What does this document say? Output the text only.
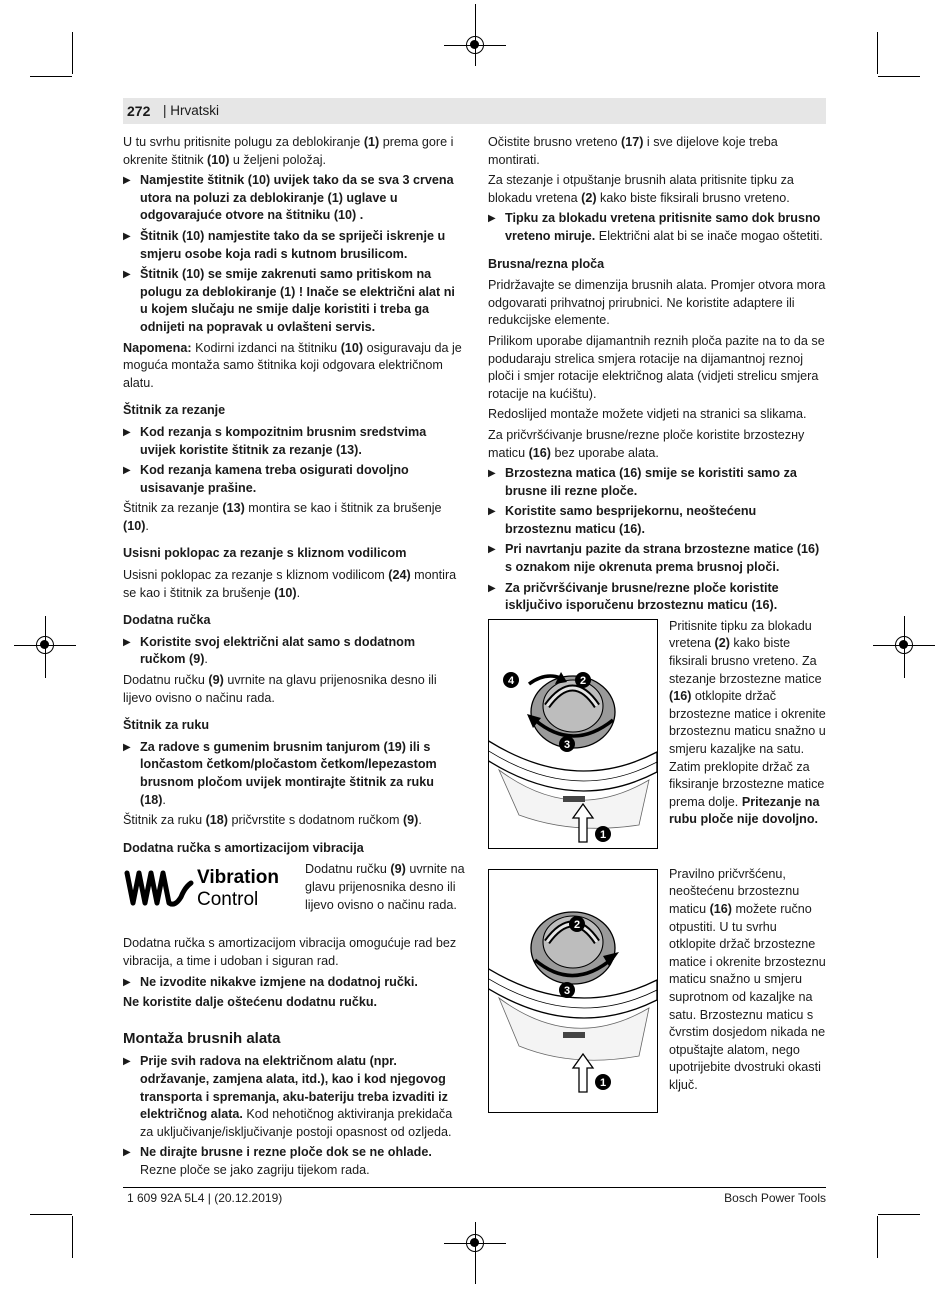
272 | Hrvatski

U tu svrhu pritisnite polugu za deblokiranje (1) prema gore i okrenite štitnik (10) u željeni položaj.

▶ Namjestite štitnik (10) uvijek tako da se sva 3 crvena utora na poluzi za deblokiranje (1) uglave u odgovarajuće otvore na štitniku (10) .
▶ Štitnik (10) namjestite tako da se spriječi iskrenje u smjeru osobe koja radi s kutnom brusilicom.
▶ Štitnik (10) se smije zakrenuti samo pritiskom na polugu za deblokiranje (1) ! Inače se električni alat ni u kojem slučaju ne smije dalje koristiti i treba ga odnijeti na popravak u ovlašteni servis.

Napomena: Kodirni izdanci na štitniku (10) osiguravaju da je moguća montaža samo štitnika koji odgovara električnom alatu.

Štitnik za rezanje
▶ Kod rezanja s kompozitnim brusnim sredstvima uvijek koristite štitnik za rezanje (13).
▶ Kod rezanja kamena treba osigurati dovoljno usisavanje prašine.

Štitnik za rezanje (13) montira se kao i štitnik za brušenje (10).

Usisni poklopac za rezanje s kliznom vodilicom

Usisni poklopac za rezanje s kliznom vodilicom (24) montira se kao i štitnik za brušenje (10).

Dodatna ručka
▶ Koristite svoj električni alat samo s dodatnom ručkom (9).

Dodatnu ručku (9) uvrnite na glavu prijenosnika desno ili lijevo ovisno o načinu rada.

Štitnik za ruku
▶ Za radove s gumenim brusnim tanjurom (19) ili s lončastom četkom/pločastom četkom/lepezastom brusnom pločom uvijek montirajte štitnik za ruku (18).

Štitnik za ruku (18) pričvrstite s dodatnom ručkom (9).

Dodatna ručka s amortizacijom vibracija
Vibration
Control
Dodatnu ručku (9) uvrnite na glavu prijenosnika desno ili lijevo ovisno o načinu rada.

Dodatna ručka s amortizacijom vibracija omogućuje rad bez vibracija, a time i udoban i siguran rad.

▶ Ne izvodite nikakve izmjene na dodatnoj ručki.

Ne koristite dalje oštećenu dodatnu ručku.

Montaža brusnih alata
▶ Prije svih radova na električnom alatu (npr. održavanje, zamjena alata, itd.), kao i kod njegovog transporta i spremanja, aku-bateriju treba izvaditi iz električnog alata. Kod nehotičnog aktiviranja prekidača za uključivanje/isključivanje postoji opasnost od ozljeda.
▶ Ne dirajte brusne i rezne ploče dok se ne ohlade. Rezne ploče se jako zagriju tijekom rada.

Očistite brusno vreteno (17) i sve dijelove koje treba montirati.

Za stezanje i otpuštanje brusnih alata pritisnite tipku za blokadu vretena (2) kako biste fiksirali brusno vreteno.

▶ Tipku za blokadu vretena pritisnite samo dok brusno vreteno miruje. Električni alat bi se inače mogao oštetiti.
Brusna/rezna ploča

Pridržavajte se dimenzija brusnih alata. Promjer otvora mora odgovarati prihvatnoj prirubnici. Ne koristite adaptere ili redukcijske elemente.

Prilikom uporabe dijamantnih reznih ploča pazite na to da se podudaraju strelica smjera rotacije na dijamantnoj reznoj ploči i smjer rotacije električnog alata (vidjeti strelicu smjera rotacije na kućištu).

Redoslijed montaže možete vidjeti na stranici sa slikama.

Za pričvršćivanje brusne/rezne ploče koristite brzostezну maticu (16) bez uporabe alata.

▶ Brzostezna matica (16) smije se koristiti samo za brusne ili rezne ploče.
▶ Koristite samo besprijekornu, neoštećenu brzosteznu maticu (16).
▶ Pri navrtanju pazite da strana brzostezne matice (16) s oznakom nije okrenuta prema brusnoj ploči.
▶ Za pričvršćivanje brusne/rezne ploče koristite isključivo isporučenu brzosteznu maticu (16).
4	2
3
1
Pritisnite tipku za blokadu vretena (2) kako biste fiksirali brusno vreteno. Za stezanje brzostezne matice (16) otklopite držač brzostezne matice i okrenite brzosteznu maticu snažno u smjeru kazaljke na satu. Zatim preklopite držač za fiksiranje brzostezne matice prema dolje. Pritezanje na rubu ploče nije dovoljno.
2
3
1
Pravilno pričvršćenu, neoštećenu brzosteznu maticu (16) možete ručno otpustiti. U tu svrhu otklopite držač brzostezne matice i okrenite brzosteznu maticu snažno u smjeru suprotnom od kazaljke na satu. Brzosteznu maticu s čvrstim dosjedom nikada ne otpuštajte alatom, nego upotrijebite dvostruki okasti ključ.
1 609 92A 5L4 | (20.12.2019)	Bosch Power Tools
